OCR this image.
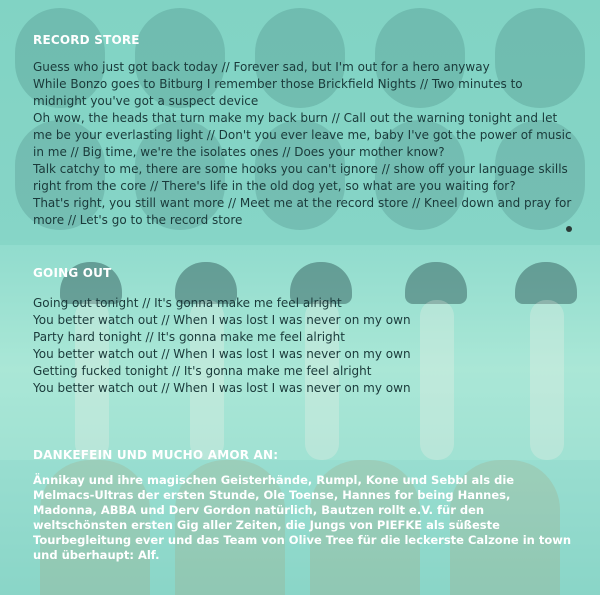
RECORD STORE
Guess who just got back today // Forever sad, but I'm out for a hero anyway
While Bonzo goes to Bitburg I remember those Brickfield Nights // Two minutes to midnight you've got a suspect device
Oh wow, the heads that turn make my back burn // Call out the warning tonight and let me be your everlasting light // Don't you ever leave me, baby I've got the power of music in me // Big time, we're the isolates ones // Does your mother know?
Talk catchy to me, there are some hooks you can't ignore // show off your language skills right from the core // There's life in the old dog yet, so what are you waiting for?
That's right, you still want more // Meet me at the record store // Kneel down and pray for more // Let's go to the record store
GOING OUT
Going out tonight // It's gonna make me feel alright
You better watch out // When I was lost I was never on my own
Party hard tonight // It's gonna make me feel alright
You better watch out // When I was lost I was never on my own
Getting fucked tonight // It's gonna make me feel alright
You better watch out // When I was lost I was never on my own
DANKEFEIN UND MUCHO AMOR AN:

Ännikay und ihre magischen Geisterhände, Rumpl, Kone und Sebbl als die Melmacs-Ultras der ersten Stunde, Ole Toense, Hannes for being Hannes, Madonna, ABBA und Derv Gordon natürlich, Bautzen rollt e.V. für den weltschönsten ersten Gig aller Zeiten, die Jungs von PIEFKE als süßeste Tourbegleitung ever und das Team von Olive Tree für die leckerste Calzone in town und überhaupt: Alf.
